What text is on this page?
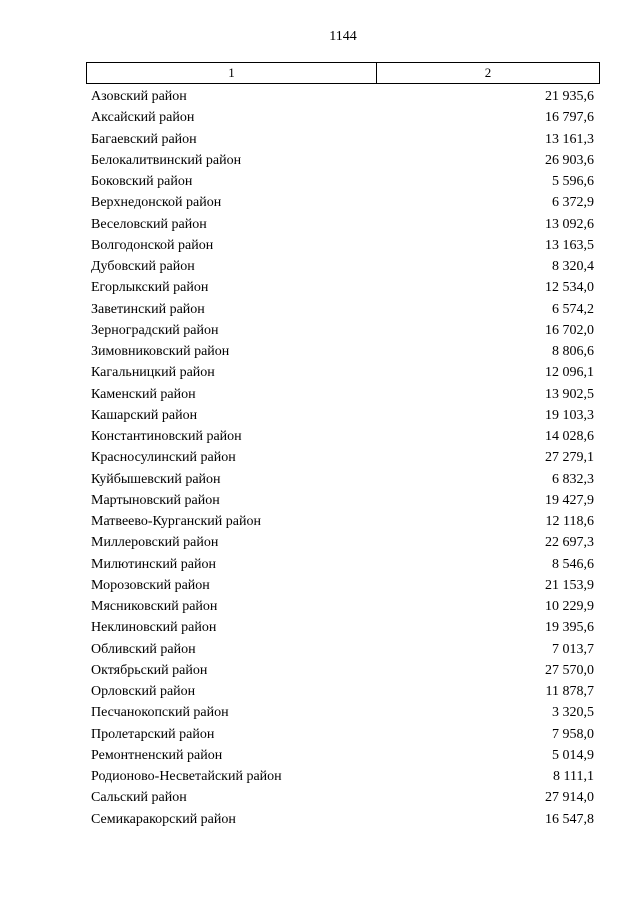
1144
1	2
Азовский район	21 935,6
Аксайский район	16 797,6
Багаевский район	13 161,3
Белокалитвинский район	26 903,6
Боковский район	5 596,6
Верхнедонской район	6 372,9
Веселовский район	13 092,6
Волгодонской район	13 163,5
Дубовский район	8 320,4
Егорлыкский район	12 534,0
Заветинский район	6 574,2
Зерноградский район	16 702,0
Зимовниковский район	8 806,6
Кагальницкий район	12 096,1
Каменский район	13 902,5
Кашарский район	19 103,3
Константиновский район	14 028,6
Красносулинский район	27 279,1
Куйбышевский район	6 832,3
Мартыновский район	19 427,9
Матвеево-Курганский район	12 118,6
Миллеровский район	22 697,3
Милютинский район	8 546,6
Морозовский район	21 153,9
Мясниковский район	10 229,9
Неклиновский район	19 395,6
Обливский район	7 013,7
Октябрьский район	27 570,0
Орловский район	11 878,7
Песчанокопский район	3 320,5
Пролетарский район	7 958,0
Ремонтненский район	5 014,9
Родионово-Несветайский район	8 111,1
Сальский район	27 914,0
Семикаракорский район	16 547,8
